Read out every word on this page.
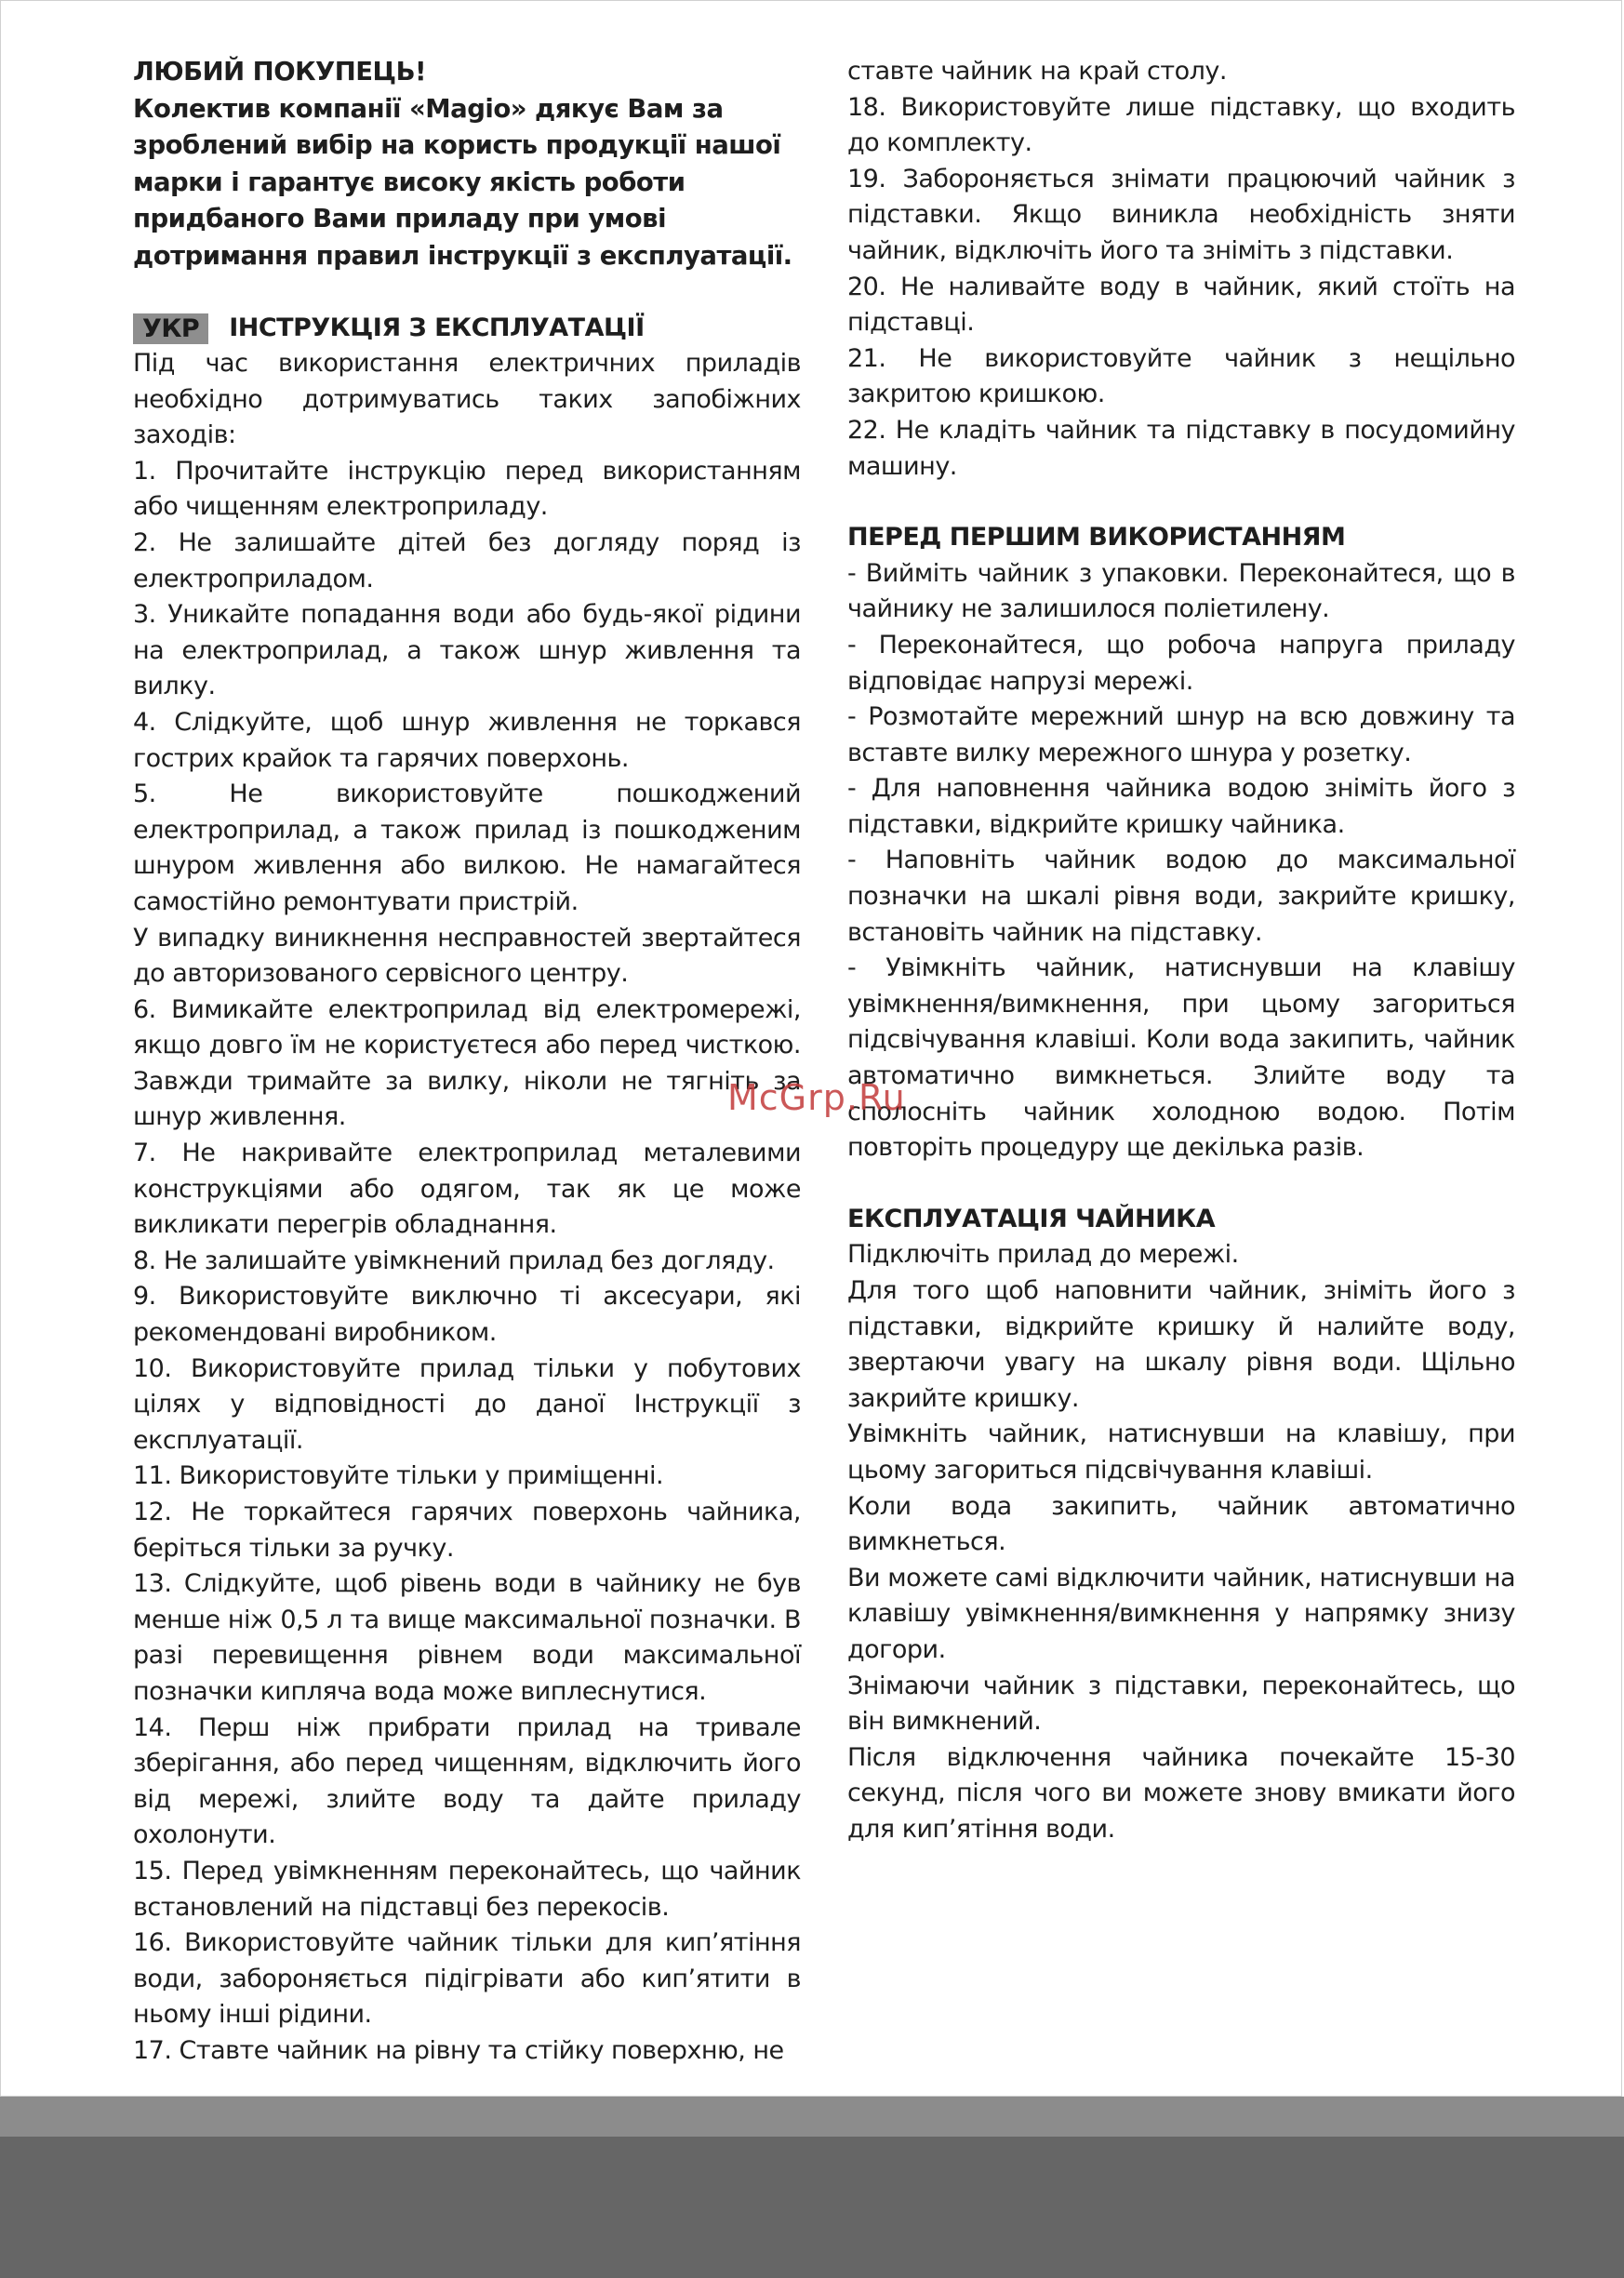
ЛЮБИЙ ПОКУПЕЦЬ!

Колектив компанії «Magio» дякує Вам за зроблений вибір на користь продукції нашої марки і гарантує високу якість роботи придбаного Вами приладу при умові дотримання правил інструкції з експлуатації.

УКР	ІНСТРУКЦІЯ З ЕКСПЛУАТАЦІЇ

Під час використання електричних приладів необхідно дотримуватись таких запобіжних заходів:

1. Прочитайте інструкцію перед використанням або чищенням електроприладу.

2. Не залишайте дітей без догляду поряд із електроприладом.

3. Уникайте попадання води або будь-якої рідини на електроприлад, а також шнур живлення та вилку.

4. Слідкуйте, щоб шнур живлення не торкався гострих крайок та гарячих поверхонь.

5. Не використовуйте пошкоджений електроприлад, а також прилад із пошкодженим шнуром живлення або вилкою. Не намагайтеся самостійно ремонтувати пристрій.

У випадку виникнення несправностей звертайтеся до авторизованого сервісного центру.

6. Вимикайте електроприлад від електромережі, якщо довго їм не користуєтеся або перед чисткою. Завжди тримайте за вилку, ніколи не тягніть за шнур живлення.

7. Не накривайте електроприлад металевими конструкціями або одягом, так як це може викликати перегрів обладнання.

8. Не залишайте увімкнений прилад без догляду.

9. Використовуйте виключно ті аксесуари, які рекомендовані виробником.

10. Використовуйте прилад тільки у побутових цілях у відповідності до даної Інструкції з експлуатації.

11. Використовуйте тільки у приміщенні.

12. Не торкайтеся гарячих поверхонь чайника, беріться тільки за ручку.

13. Слідкуйте, щоб рівень води в чайнику не був менше ніж 0,5 л та вище максимальної позначки. В разі перевищення рівнем води максимальної позначки кипляча вода може виплеснутися.

14. Перш ніж прибрати прилад на тривале зберігання, або перед чищенням, відключить його від мережі, злийте воду та дайте приладу охолонути.

15. Перед увімкненням переконайтесь, що чайник встановлений на підставці без перекосів.

16. Використовуйте чайник тільки для кип’ятіння води, забороняється підігрівати або кип’ятити в ньому інші рідини.

17. Ставте чайник на рівну та стійку поверхню, не

ставте чайник на край столу.

18. Використовуйте лише підставку, що входить до комплекту.

19. Забороняється знімати працюючий чайник з підставки. Якщо виникла необхідність зняти чайник, відключіть його та зніміть з підставки.

20. Не наливайте воду в чайник, який стоїть на підставці.

21. Не використовуйте чайник з нещільно закритою кришкою.

22. Не кладіть чайник та підставку в посудомийну машину.

ПЕРЕД ПЕРШИМ ВИКОРИСТАННЯМ

- Вийміть чайник з упаковки. Переконайтеся, що в чайнику не залишилося поліетилену.

- Переконайтеся, що робоча напруга приладу відповідає напрузі мережі.

- Розмотайте мережний шнур на всю довжину та вставте вилку мережного шнура у розетку.

- Для наповнення чайника водою зніміть його з підставки, відкрийте кришку чайника.

- Наповніть чайник водою до максимальної позначки на шкалі рівня води, закрийте кришку, встановіть чайник на підставку.

- Увімкніть чайник, натиснувши на клавішу увімкнення/вимкнення, при цьому загориться підсвічування клавіші. Коли вода закипить, чайник автоматично вимкнеться. Злийте воду та сполосніть чайник холодною водою. Потім повторіть процедуру ще декілька разів.

ЕКСПЛУАТАЦІЯ ЧАЙНИКА

Підключіть прилад до мережі.

Для того щоб наповнити чайник, зніміть його з підставки, відкрийте кришку й налийте воду, звертаючи увагу на шкалу рівня води. Щільно закрийте кришку.

Увімкніть чайник, натиснувши на клавішу, при цьому загориться підсвічування клавіші.

Коли вода закипить, чайник автоматично вимкнеться.

Ви можете самі відключити чайник, натиснувши на клавішу увімкнення/вимкнення у напрямку знизу догори.

Знімаючи чайник з підставки, переконайтесь, що він вимкнений.

Після відключення чайника почекайте 15-30 секунд, після чого ви можете знову вмикати його для кип’ятіння води.

McGrp.Ru
